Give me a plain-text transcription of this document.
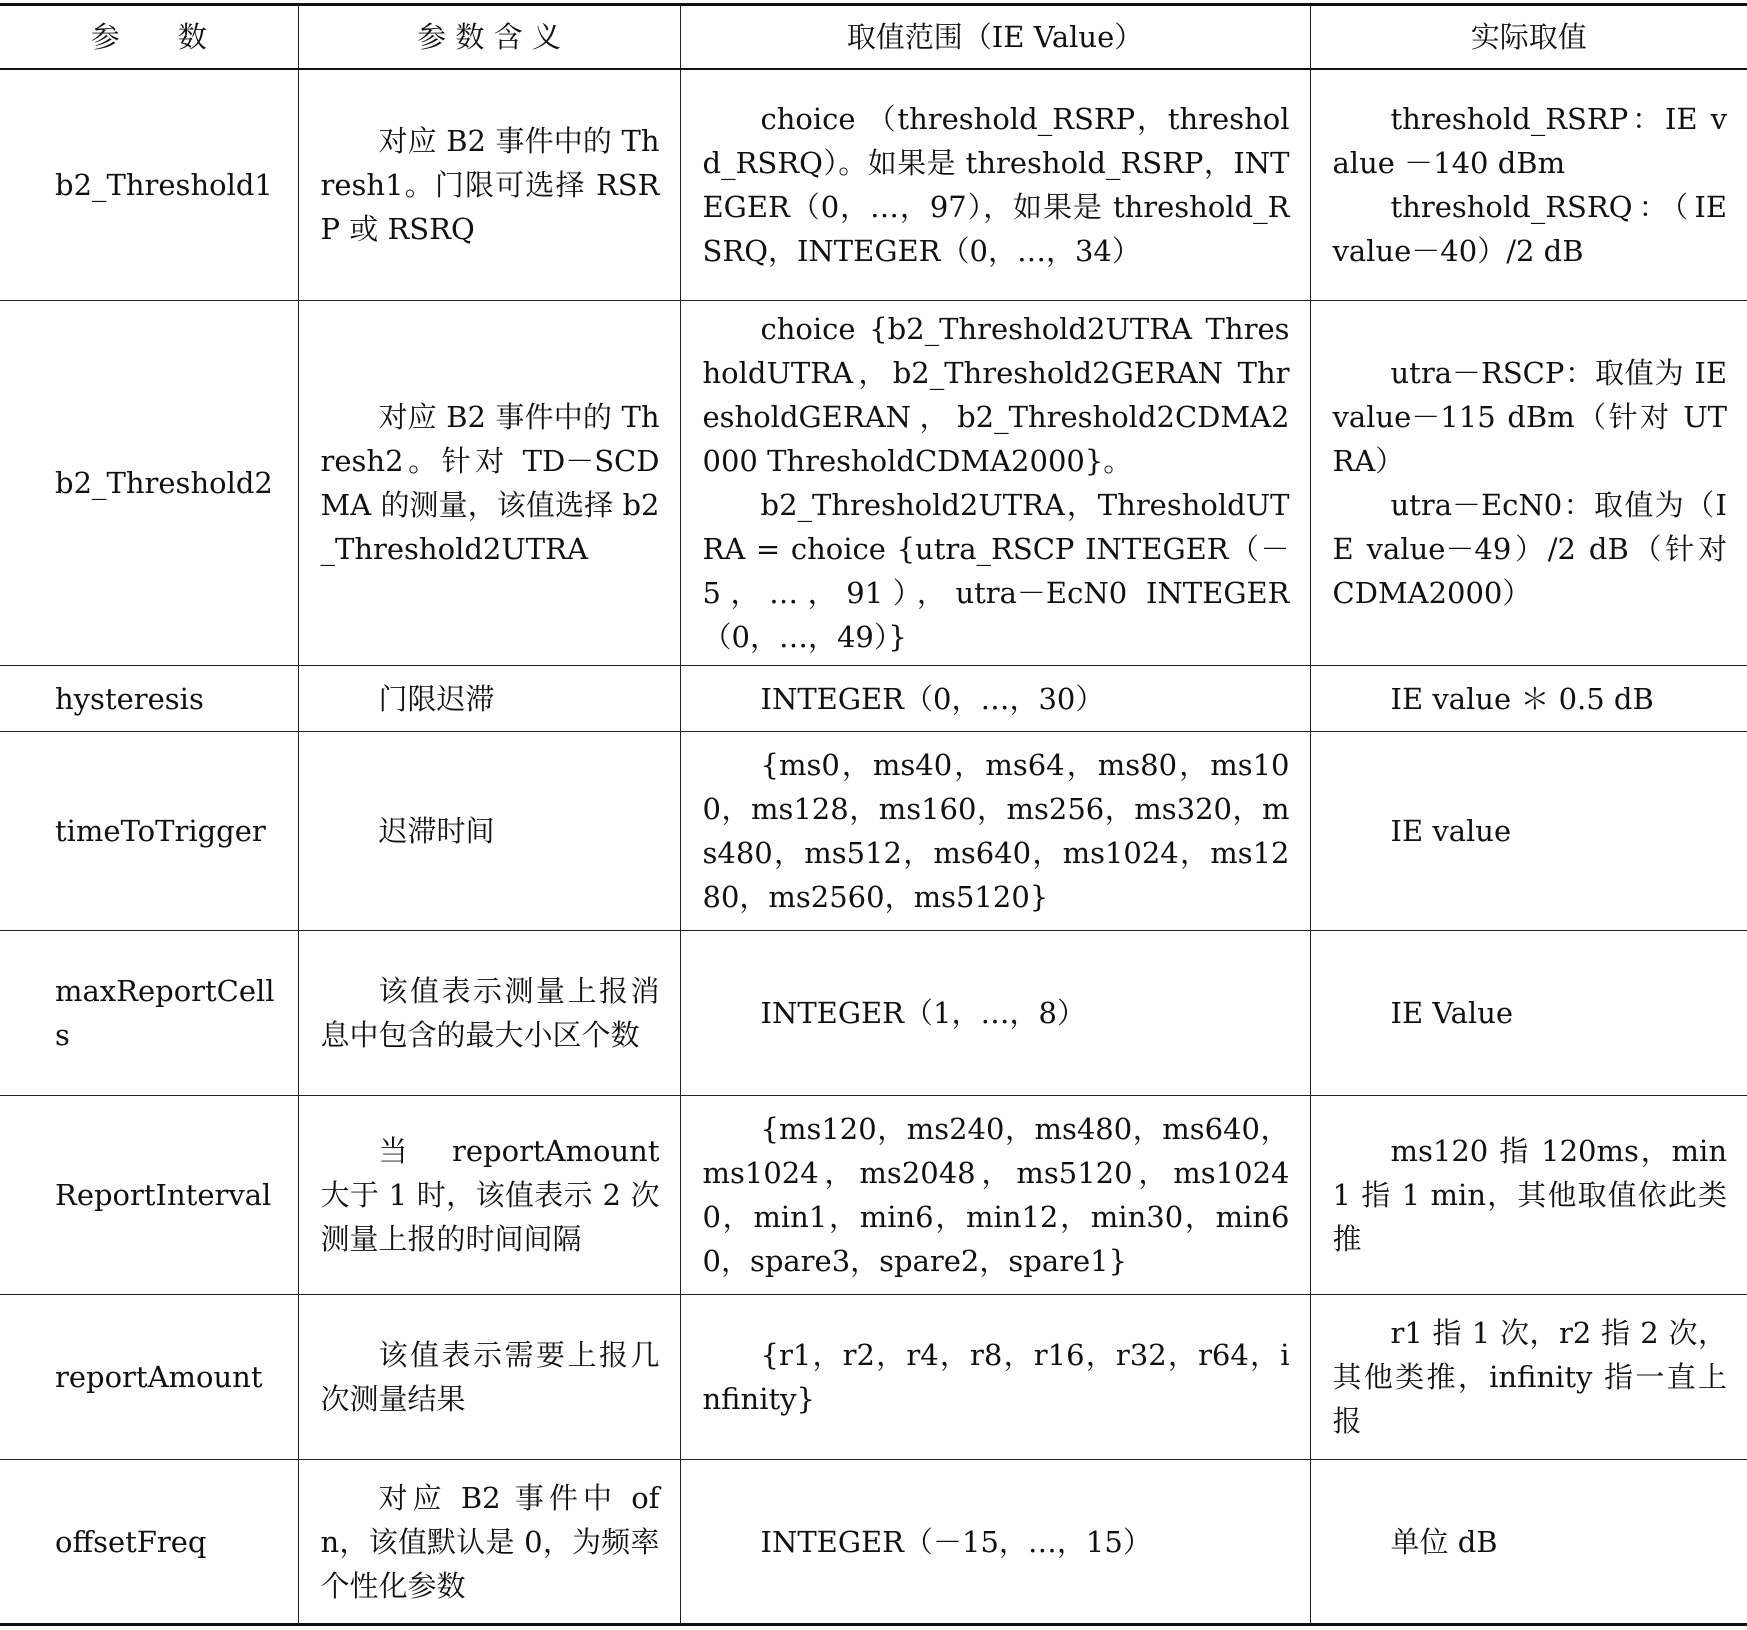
参　　数	参 数 含 义	取值范围（IE Value）	实际取值
b2_Threshold1	对应 B2 事件中的 Thresh1。门限可选择 RSRP 或 RSRQ	choice （threshold_RSRP，threshold_RSRQ）。如果是 threshold_RSRP，INTEGER（0，…，97），如果是 threshold_RSRQ，INTEGER（0，…，34）	threshold_RSRP：IE value －140 dBm
threshold_RSRQ：（IE value－40）/2 dB

b2_Threshold2	对应 B2 事件中的 Thresh2。针对 TD－SCDMA 的测量，该值选择 b2_Threshold2UTRA	choice {b2_Threshold2UTRA ThresholdUTRA，b2_Threshold2GERAN ThresholdGERAN，b2_Threshold2CDMA2000 ThresholdCDMA2000}。
b2_Threshold2UTRA，ThresholdUTRA = choice {utra_RSCP INTEGER（－5，…，91），utra－EcN0 INTEGER（0，…，49）}	utra－RSCP：取值为 IE value－115 dBm（针对 UTRA）
utra－EcN0：取值为（IE value－49）/2 dB（针对 CDMA2000）

hysteresis	门限迟滞	INTEGER（0，…，30）	IE value ＊ 0.5 dB

timeToTrigger	迟滞时间	{ms0，ms40，ms64，ms80，ms100，ms128，ms160，ms256，ms320，ms480，ms512，ms640，ms1024，ms1280，ms2560，ms5120}	IE value

maxReportCells	该值表示测量上报消息中包含的最大小区个数	INTEGER（1，…，8）	IE Value

ReportInterval	当 reportAmount 大于 1 时，该值表示 2 次测量上报的时间间隔	{ms120，ms240，ms480，ms640，ms1024，ms2048，ms5120，ms10240，min1，min6，min12，min30，min60，spare3，spare2，spare1}	ms120 指 120ms，min1 指 1 min，其他取值依此类推

reportAmount	该值表示需要上报几次测量结果	{r1，r2，r4，r8，r16，r32，r64，infinity}	r1 指 1 次，r2 指 2 次，其他类推，infinity 指一直上报

offsetFreq	对应 B2 事件中 ofn，该值默认是 0，为频率个性化参数	INTEGER（－15，…，15）	单位 dB
